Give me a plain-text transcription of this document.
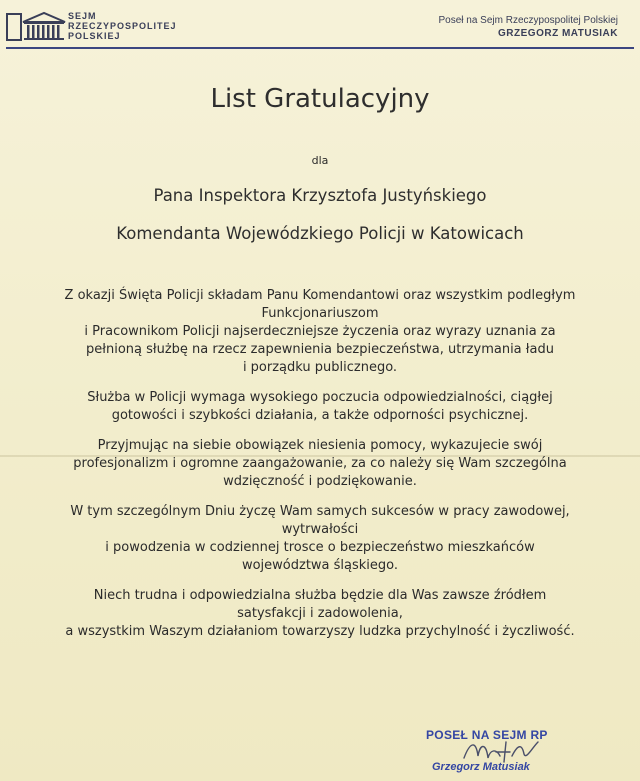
SEJM
RZECZYPOSPOLITEJ
POLSKIEJ
Poseł na Sejm Rzeczypospolitej Polskiej
GRZEGORZ MATUSIAK
List Gratulacyjny
dla
Pana Inspektora Krzysztofa Justyńskiego
Komendanta Wojewódzkiego Policji w Katowicach
Z okazji Święta Policji składam Panu Komendantowi oraz wszystkim podległym
Funkcjonariuszom
i Pracownikom Policji najserdeczniejsze życzenia oraz wyrazy uznania za
pełnioną służbę na rzecz zapewnienia bezpieczeństwa, utrzymania ładu
i porządku publicznego.
Służba w Policji wymaga wysokiego poczucia odpowiedzialności, ciągłej
gotowości i szybkości działania, a także odporności psychicznej.
Przyjmując na siebie obowiązek niesienia pomocy, wykazujecie swój
profesjonalizm i ogromne zaangażowanie, za co należy się Wam szczególna
wdzięczność i podziękowanie.
W tym szczególnym Dniu życzę Wam samych sukcesów w pracy zawodowej,
wytrwałości
i powodzenia w codziennej trosce o bezpieczeństwo mieszkańców
województwa śląskiego.
Niech trudna i odpowiedzialna służba będzie dla Was zawsze źródłem
satysfakcji i zadowolenia,
a wszystkim Waszym działaniom towarzyszy ludzka przychylność i życzliwość.
POSEŁ NA SEJM RP
Grzegorz Matusiak
